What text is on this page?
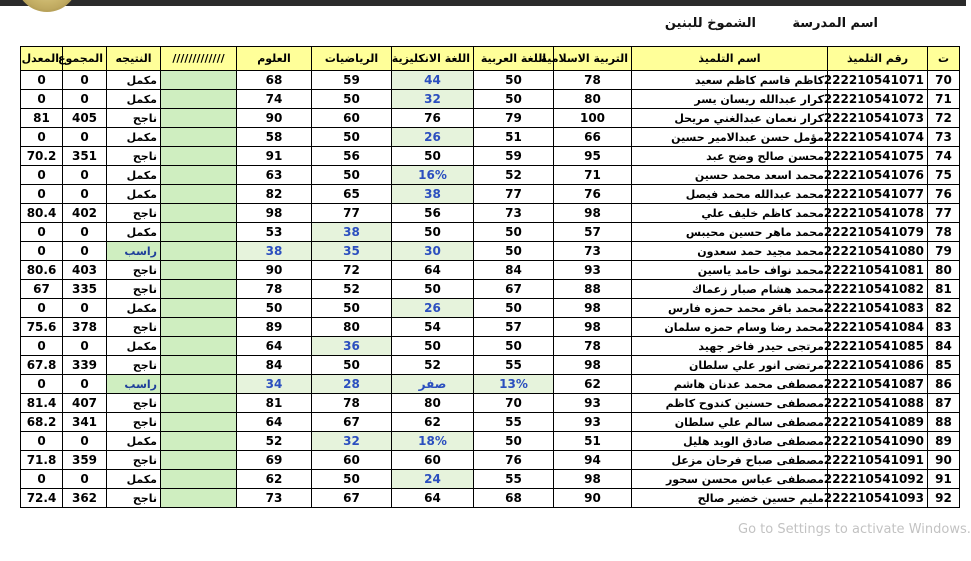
اسم المدرسة
الشموخ للبنين
ت	رقم التلميذ	اسم التلميذ	التربية الاسلامية	اللغة العربية	اللغة الانكليزية	الرياضيات	العلوم	/////////////	النتيجه	المجموع	المعدل
70	222210541071	كاظم قاسم كاظم سعيد	78	50	44	59	68		مكمل	0	0
71	222210541072	كرار عبدالله ريسان يسر	80	50	32	50	74		مكمل	0	0
72	222210541073	كرار نعمان عبدالغني مريحل	100	79	76	60	90		ناجح	405	81
73	222210541074	مؤمل حسن عبدالامير حسين	66	51	26	50	58		مكمل	0	0
74	222210541075	محسن صالح وضح عبد	95	59	50	56	91		ناجح	351	70.2
75	222210541076	محمد اسعد محمد حسين	71	52	16%	50	63		مكمل	0	0
76	222210541077	محمد عبدالله محمد فيصل	76	77	38	65	82		مكمل	0	0
77	222210541078	محمد كاظم خليف علي	98	73	56	77	98		ناجح	402	80.4
78	222210541079	محمد ماهر حسين محيبس	57	50	50	38	53		مكمل	0	0
79	222210541080	محمد مجيد حمد سعدون	73	50	30	35	38		راسب	0	0
80	222210541081	محمد نواف حامد ياسين	93	84	64	72	90		ناجح	403	80.6
81	222210541082	محمد هشام صبار زعماك	88	67	50	52	78		ناجح	335	67
82	222210541083	محمد باقر محمد حمزه فارس	98	50	26	50	50		مكمل	0	0
83	222210541084	محمد رضا وسام حمزه سلمان	98	57	54	80	89		ناجح	378	75.6
84	222210541085	مرتجى حيدر فاخر جهيد	78	50	50	36	64		مكمل	0	0
85	222210541086	مرتضى انور علي سلطان	98	55	52	50	84		ناجح	339	67.8
86	222210541087	مصطفى محمد عدنان هاشم	62	13%	صفر	28	34		راسب	0	0
87	222210541088	مصطفى حسنين كندوح كاظم	93	70	80	78	81		ناجح	407	81.4
88	222210541089	مصطفى سالم علي سلطان	93	55	62	67	64		ناجح	341	68.2
89	222210541090	مصطفى صادق الويد هليل	51	50	18%	32	52		مكمل	0	0
90	222210541091	مصطفى صباح فرحان مزعل	94	76	60	60	69		ناجح	359	71.8
91	222210541092	مصطفى عباس محسن سحور	98	55	24	50	62		مكمل	0	0
92	222210541093	مليم حسين خضير صالح	90	68	64	67	73		ناجح	362	72.4
Go to Settings to activate Windows.
